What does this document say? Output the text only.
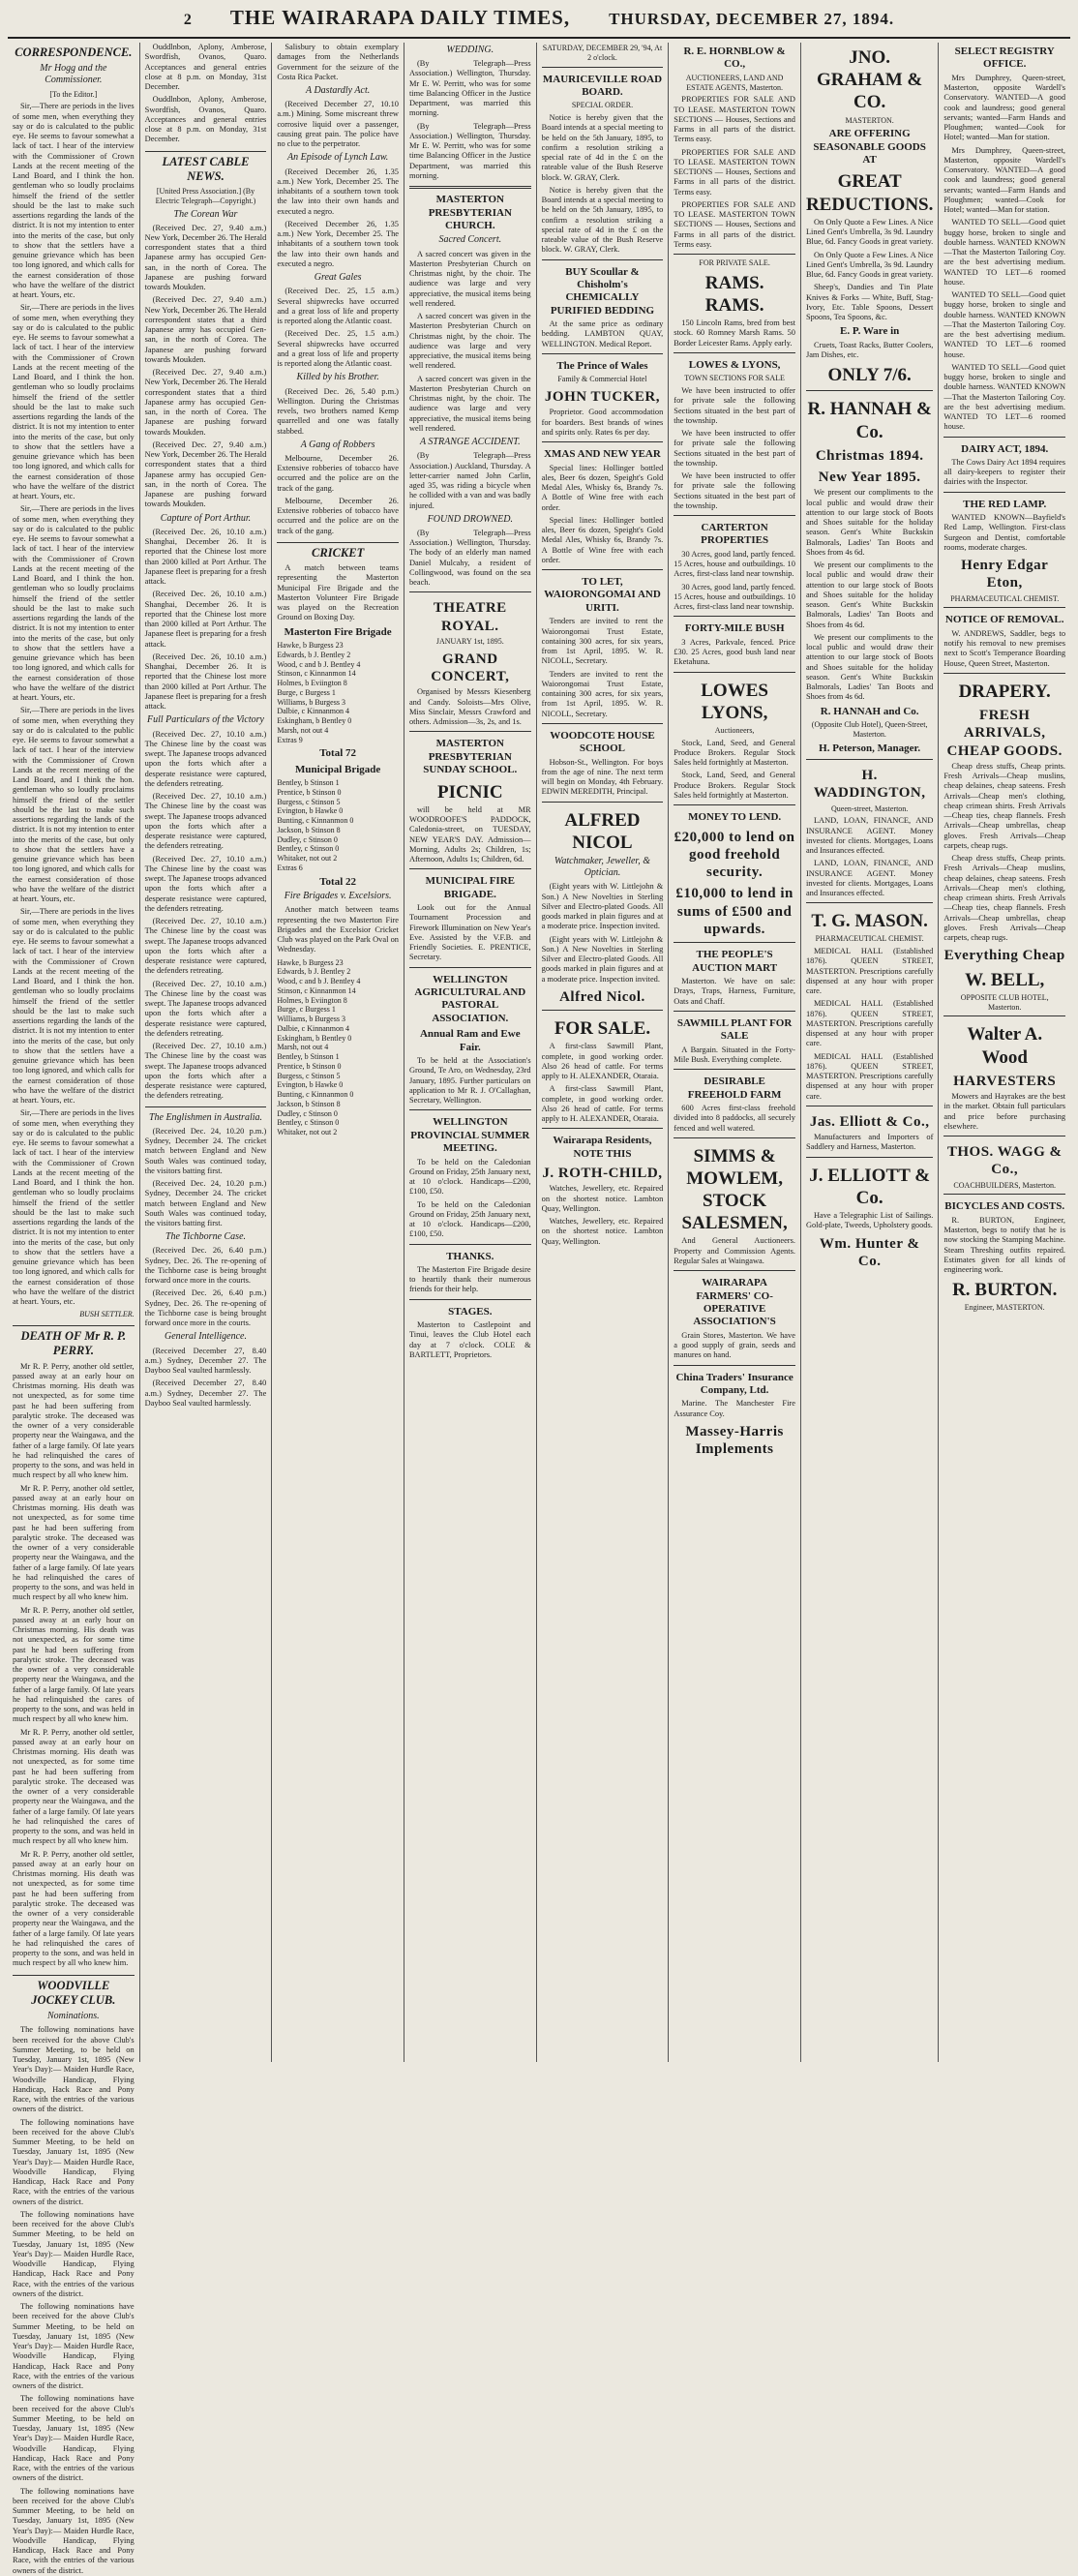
2 THE WAIRARAPA DAILY TIMES, THURSDAY, DECEMBER 27, 1894.
CORRESPONDENCE.
Mr Hogg and the Commissioner.
[To the Editor.]

Sir,—There are periods in the lives of some men, when everything they say or do is calculated to the public eye. He seems to favour somewhat a lack of tact. I hear of the interview with the Commissioner of Crown Lands at the recent meeting of the Land Board, and I think the hon. gentleman who so loudly proclaims himself the friend of the settler should be the last to make such assertions regarding the lands of the district. It is not my intention to enter into the merits of the case, but only to show that the settlers have a genuine grievance which has been too long ignored, and which calls for the earnest consideration of those who have the welfare of the district at heart. Yours, etc.

Sir,—There are periods in the lives of some men, when everything they say or do is calculated to the public eye. He seems to favour somewhat a lack of tact. I hear of the interview with the Commissioner of Crown Lands at the recent meeting of the Land Board, and I think the hon. gentleman who so loudly proclaims himself the friend of the settler should be the last to make such assertions regarding the lands of the district. It is not my intention to enter into the merits of the case, but only to show that the settlers have a genuine grievance which has been too long ignored, and which calls for the earnest consideration of those who have the welfare of the district at heart. Yours, etc.

Sir,—There are periods in the lives of some men, when everything they say or do is calculated to the public eye. He seems to favour somewhat a lack of tact. I hear of the interview with the Commissioner of Crown Lands at the recent meeting of the Land Board, and I think the hon. gentleman who so loudly proclaims himself the friend of the settler should be the last to make such assertions regarding the lands of the district. It is not my intention to enter into the merits of the case, but only to show that the settlers have a genuine grievance which has been too long ignored, and which calls for the earnest consideration of those who have the welfare of the district at heart. Yours, etc.

Sir,—There are periods in the lives of some men, when everything they say or do is calculated to the public eye. He seems to favour somewhat a lack of tact. I hear of the interview with the Commissioner of Crown Lands at the recent meeting of the Land Board, and I think the hon. gentleman who so loudly proclaims himself the friend of the settler should be the last to make such assertions regarding the lands of the district. It is not my intention to enter into the merits of the case, but only to show that the settlers have a genuine grievance which has been too long ignored, and which calls for the earnest consideration of those who have the welfare of the district at heart. Yours, etc.

Sir,—There are periods in the lives of some men, when everything they say or do is calculated to the public eye. He seems to favour somewhat a lack of tact. I hear of the interview with the Commissioner of Crown Lands at the recent meeting of the Land Board, and I think the hon. gentleman who so loudly proclaims himself the friend of the settler should be the last to make such assertions regarding the lands of the district. It is not my intention to enter into the merits of the case, but only to show that the settlers have a genuine grievance which has been too long ignored, and which calls for the earnest consideration of those who have the welfare of the district at heart. Yours, etc.

Sir,—There are periods in the lives of some men, when everything they say or do is calculated to the public eye. He seems to favour somewhat a lack of tact. I hear of the interview with the Commissioner of Crown Lands at the recent meeting of the Land Board, and I think the hon. gentleman who so loudly proclaims himself the friend of the settler should be the last to make such assertions regarding the lands of the district. It is not my intention to enter into the merits of the case, but only to show that the settlers have a genuine grievance which has been too long ignored, and which calls for the earnest consideration of those who have the welfare of the district at heart. Yours, etc.

BUSH SETTLER.
DEATH OF Mr R. P. PERRY.

Mr R. P. Perry, another old settler, passed away at an early hour on Christmas morning. His death was not unexpected, as for some time past he had been suffering from paralytic stroke. The deceased was the owner of a very considerable property near the Waingawa, and the father of a large family. Of late years he had relinquished the cares of property to the sons, and was held in much respect by all who knew him.

Mr R. P. Perry, another old settler, passed away at an early hour on Christmas morning. His death was not unexpected, as for some time past he had been suffering from paralytic stroke. The deceased was the owner of a very considerable property near the Waingawa, and the father of a large family. Of late years he had relinquished the cares of property to the sons, and was held in much respect by all who knew him.

Mr R. P. Perry, another old settler, passed away at an early hour on Christmas morning. His death was not unexpected, as for some time past he had been suffering from paralytic stroke. The deceased was the owner of a very considerable property near the Waingawa, and the father of a large family. Of late years he had relinquished the cares of property to the sons, and was held in much respect by all who knew him.

Mr R. P. Perry, another old settler, passed away at an early hour on Christmas morning. His death was not unexpected, as for some time past he had been suffering from paralytic stroke. The deceased was the owner of a very considerable property near the Waingawa, and the father of a large family. Of late years he had relinquished the cares of property to the sons, and was held in much respect by all who knew him.

Mr R. P. Perry, another old settler, passed away at an early hour on Christmas morning. His death was not unexpected, as for some time past he had been suffering from paralytic stroke. The deceased was the owner of a very considerable property near the Waingawa, and the father of a large family. Of late years he had relinquished the cares of property to the sons, and was held in much respect by all who knew him.

WOODVILLE JOCKEY CLUB.
Nominations.

The following nominations have been received for the above Club's Summer Meeting, to be held on Tuesday, January 1st, 1895 (New Year's Day):— Maiden Hurdle Race, Woodville Handicap, Flying Handicap, Hack Race and Pony Race, with the entries of the various owners of the district.

The following nominations have been received for the above Club's Summer Meeting, to be held on Tuesday, January 1st, 1895 (New Year's Day):— Maiden Hurdle Race, Woodville Handicap, Flying Handicap, Hack Race and Pony Race, with the entries of the various owners of the district.

The following nominations have been received for the above Club's Summer Meeting, to be held on Tuesday, January 1st, 1895 (New Year's Day):— Maiden Hurdle Race, Woodville Handicap, Flying Handicap, Hack Race and Pony Race, with the entries of the various owners of the district.

The following nominations have been received for the above Club's Summer Meeting, to be held on Tuesday, January 1st, 1895 (New Year's Day):— Maiden Hurdle Race, Woodville Handicap, Flying Handicap, Hack Race and Pony Race, with the entries of the various owners of the district.

The following nominations have been received for the above Club's Summer Meeting, to be held on Tuesday, January 1st, 1895 (New Year's Day):— Maiden Hurdle Race, Woodville Handicap, Flying Handicap, Hack Race and Pony Race, with the entries of the various owners of the district.

The following nominations have been received for the above Club's Summer Meeting, to be held on Tuesday, January 1st, 1895 (New Year's Day):— Maiden Hurdle Race, Woodville Handicap, Flying Handicap, Hack Race and Pony Race, with the entries of the various owners of the district.

Ouddlnbon, Aplony, Amberose, Swordfish, Ovanos, Quaro. Acceptances and general entries close at 8 p.m. on Monday, 31st December.

Ouddlnbon, Aplony, Amberose, Swordfish, Ovanos, Quaro. Acceptances and general entries close at 8 p.m. on Monday, 31st December.

LATEST CABLE NEWS.
[United Press Association.] (By Electric Telegraph—Copyright.)
The Corean War

(Received Dec. 27, 9.40 a.m.) New York, December 26. The Herald correspondent states that a third Japanese army has occupied Gen-san, in the north of Corea. The Japanese are pushing forward towards Moukden.

(Received Dec. 27, 9.40 a.m.) New York, December 26. The Herald correspondent states that a third Japanese army has occupied Gen-san, in the north of Corea. The Japanese are pushing forward towards Moukden.

(Received Dec. 27, 9.40 a.m.) New York, December 26. The Herald correspondent states that a third Japanese army has occupied Gen-san, in the north of Corea. The Japanese are pushing forward towards Moukden.

(Received Dec. 27, 9.40 a.m.) New York, December 26. The Herald correspondent states that a third Japanese army has occupied Gen-san, in the north of Corea. The Japanese are pushing forward towards Moukden.

Capture of Port Arthur.

(Received Dec. 26, 10.10 a.m.) Shanghai, December 26. It is reported that the Chinese lost more than 2000 killed at Port Arthur. The Japanese fleet is preparing for a fresh attack.

(Received Dec. 26, 10.10 a.m.) Shanghai, December 26. It is reported that the Chinese lost more than 2000 killed at Port Arthur. The Japanese fleet is preparing for a fresh attack.

(Received Dec. 26, 10.10 a.m.) Shanghai, December 26. It is reported that the Chinese lost more than 2000 killed at Port Arthur. The Japanese fleet is preparing for a fresh attack.

Full Particulars of the Victory

(Received Dec. 27, 10.10 a.m.) The Chinese line by the coast was swept. The Japanese troops advanced upon the forts which after a desperate resistance were captured, the defenders retreating.

(Received Dec. 27, 10.10 a.m.) The Chinese line by the coast was swept. The Japanese troops advanced upon the forts which after a desperate resistance were captured, the defenders retreating.

(Received Dec. 27, 10.10 a.m.) The Chinese line by the coast was swept. The Japanese troops advanced upon the forts which after a desperate resistance were captured, the defenders retreating.

(Received Dec. 27, 10.10 a.m.) The Chinese line by the coast was swept. The Japanese troops advanced upon the forts which after a desperate resistance were captured, the defenders retreating.

(Received Dec. 27, 10.10 a.m.) The Chinese line by the coast was swept. The Japanese troops advanced upon the forts which after a desperate resistance were captured, the defenders retreating.

(Received Dec. 27, 10.10 a.m.) The Chinese line by the coast was swept. The Japanese troops advanced upon the forts which after a desperate resistance were captured, the defenders retreating.

The Englishmen in Australia.

(Received Dec. 24, 10.20 p.m.) Sydney, December 24. The cricket match between England and New South Wales was continued today, the visitors batting first.

(Received Dec. 24, 10.20 p.m.) Sydney, December 24. The cricket match between England and New South Wales was continued today, the visitors batting first.

The Tichborne Case.

(Received Dec. 26, 6.40 p.m.) Sydney, Dec. 26. The re-opening of the Tichborne case is being brought forward once more in the courts.

(Received Dec. 26, 6.40 p.m.) Sydney, Dec. 26. The re-opening of the Tichborne case is being brought forward once more in the courts.

General Intelligence.

(Received December 27, 8.40 a.m.) Sydney, December 27. The Dayboo Seal vaulted harmlessly.

(Received December 27, 8.40 a.m.) Sydney, December 27. The Dayboo Seal vaulted harmlessly.

Salisbury to obtain exemplary damages from the Netherlands Government for the seizure of the Costa Rica Packet.

A Dastardly Act.

(Received December 27, 10.10 a.m.) Mining. Some miscreant threw corrosive liquid over a passenger, causing great pain. The police have no clue to the perpetrator.

An Episode of Lynch Law.

(Received December 26, 1.35 a.m.) New York, December 25. The inhabitants of a southern town took the law into their own hands and executed a negro.

(Received December 26, 1.35 a.m.) New York, December 25. The inhabitants of a southern town took the law into their own hands and executed a negro.

Great Gales

(Received Dec. 25, 1.5 a.m.) Several shipwrecks have occurred and a great loss of life and property is reported along the Atlantic coast.

(Received Dec. 25, 1.5 a.m.) Several shipwrecks have occurred and a great loss of life and property is reported along the Atlantic coast.

Killed by his Brother.

(Received Dec. 26, 5.40 p.m.) Wellington. During the Christmas revels, two brothers named Kemp quarrelled and one was fatally stabbed.

A Gang of Robbers

Melbourne, December 26. Extensive robberies of tobacco have occurred and the police are on the track of the gang.

Melbourne, December 26. Extensive robberies of tobacco have occurred and the police are on the track of the gang.

CRICKET

A match between teams representing the Masterton Municipal Fire Brigade and the Masterton Volunteer Fire Brigade was played on the Recreation Ground on Boxing Day.

Masterton Fire Brigade
Hawke, b Burgess 23
Edwards, b J. Bentley 2
Wood, c and b J. Bentley 4
Stinson, c Kinnanmon 14
Holmes, b Eviington 8
Burge, c Burgess 1
Williams, b Burgess 3
Dalbie, c Kinnanmon 4
Eskingham, b Bentley 0
Marsh, not out 4
Extras 9
Total 72
Municipal Brigade
Bentley, b Stinson 1
Prentice, b Stinson 0
Burgess, c Stinson 5
Evington, b Hawke 0
Bunting, c Kinnanmon 0
Jackson, b Stinson 8
Dudley, c Stinson 0
Bentley, c Stinson 0
Whitaker, not out 2
Extras 6
Total 22
Fire Brigades v. Excelsiors.

Another match between teams representing the two Masterton Fire Brigades and the Excelsior Cricket Club was played on the Park Oval on Wednesday.

Hawke, b Burgess 23
Edwards, b J. Bentley 2
Wood, c and b J. Bentley 4
Stinson, c Kinnanmon 14
Holmes, b Eviington 8
Burge, c Burgess 1
Williams, b Burgess 3
Dalbie, c Kinnanmon 4
Eskingham, b Bentley 0
Marsh, not out 4
Bentley, b Stinson 1
Prentice, b Stinson 0
Burgess, c Stinson 5
Evington, b Hawke 0
Bunting, c Kinnanmon 0
Jackson, b Stinson 8
Dudley, c Stinson 0
Bentley, c Stinson 0
Whitaker, not out 2
WEDDING.

(By Telegraph—Press Association.) Wellington, Thursday. Mr E. W. Perritt, who was for some time Balancing Officer in the Justice Department, was married this morning.

(By Telegraph—Press Association.) Wellington, Thursday. Mr E. W. Perritt, who was for some time Balancing Officer in the Justice Department, was married this morning.

MASTERTON PRESBYTERIAN CHURCH.
Sacred Concert.

A sacred concert was given in the Masterton Presbyterian Church on Christmas night, by the choir. The audience was large and very appreciative, the musical items being well rendered.

A sacred concert was given in the Masterton Presbyterian Church on Christmas night, by the choir. The audience was large and very appreciative, the musical items being well rendered.

A sacred concert was given in the Masterton Presbyterian Church on Christmas night, by the choir. The audience was large and very appreciative, the musical items being well rendered.

A STRANGE ACCIDENT.

(By Telegraph—Press Association.) Auckland, Thursday. A letter-carrier named John Carlin, aged 35, was riding a bicycle when he collided with a van and was badly injured.

FOUND DROWNED.

(By Telegraph—Press Association.) Wellington, Thursday. The body of an elderly man named Daniel Mulcahy, a resident of Collingwood, was found on the sea beach.

THEATRE ROYAL.
JANUARY 1st, 1895.
GRAND CONCERT,

Organised by Messrs Kiesenberg and Candy. Soloists—Mrs Olive, Miss Sinclair, Messrs Crawford and others. Admission—3s, 2s, and 1s.

MASTERTON PRESBYTERIAN SUNDAY SCHOOL.
PICNIC

will be held at MR WOODROOFE'S PADDOCK, Caledonia-street, on TUESDAY, NEW YEAR'S DAY. Admission—Morning, Adults 2s; Children, 1s; Afternoon, Adults 1s; Children, 6d.

MUNICIPAL FIRE BRIGADE.

Look out for the Annual Tournament Procession and Firework Illumination on New Year's Eve. Assisted by the V.F.B. and Friendly Societies. E. PRENTICE, Secretary.

WELLINGTON AGRICULTURAL AND PASTORAL ASSOCIATION.
Annual Ram and Ewe Fair.

To be held at the Association's Ground, Te Aro, on Wednesday, 23rd January, 1895. Further particulars on application to Mr R. J. O'Callaghan, Secretary, Wellington.

WELLINGTON PROVINCIAL SUMMER MEETING.

To be held on the Caledonian Ground on Friday, 25th January next, at 10 o'clock. Handicaps—£200, £100, £50.

To be held on the Caledonian Ground on Friday, 25th January next, at 10 o'clock. Handicaps—£200, £100, £50.

THANKS.

The Masterton Fire Brigade desire to heartily thank their numerous friends for their help.

STAGES.

Masterton to Castlepoint and Tinui, leaves the Club Hotel each day at 7 o'clock. COLE & BARTLETT, Proprietors.

SATURDAY, DECEMBER 29, '94, At 2 o'clock.
MAURICEVILLE ROAD BOARD.
SPECIAL ORDER.

Notice is hereby given that the Board intends at a special meeting to be held on the 5th January, 1895, to confirm a resolution striking a special rate of 4d in the £ on the rateable value of the Bush Reserve block. W. GRAY, Clerk.

Notice is hereby given that the Board intends at a special meeting to be held on the 5th January, 1895, to confirm a resolution striking a special rate of 4d in the £ on the rateable value of the Bush Reserve block. W. GRAY, Clerk.

BUY Scoullar & Chisholm's CHEMICALLY PURIFIED BEDDING

At the same price as ordinary bedding. LAMBTON QUAY, WELLINGTON. Medical Report.

The Prince of Wales
Family & Commercial Hotel
JOHN TUCKER,

Proprietor. Good accommodation for boarders. Best brands of wines and spirits only. Rates 6s per day.

XMAS AND NEW YEAR

Special lines: Hollinger bottled ales, Beer 6s dozen, Speight's Gold Medal Ales, Whisky 6s, Brandy 7s. A Bottle of Wine free with each order.

Special lines: Hollinger bottled ales, Beer 6s dozen, Speight's Gold Medal Ales, Whisky 6s, Brandy 7s. A Bottle of Wine free with each order.

TO LET, WAIORONGOMAI AND URITI.

Tenders are invited to rent the Waiorongomai Trust Estate, containing 300 acres, for six years, from 1st April, 1895. W. R. NICOLL, Secretary.

Tenders are invited to rent the Waiorongomai Trust Estate, containing 300 acres, for six years, from 1st April, 1895. W. R. NICOLL, Secretary.

WOODCOTE HOUSE SCHOOL

Hobson-St., Wellington. For boys from the age of nine. The next term will begin on Monday, 4th February. EDWIN MEREDITH, Principal.

ALFRED NICOL
Watchmaker, Jeweller, & Optician.

(Eight years with W. Littlejohn & Son.) A New Novelties in Sterling Silver and Electro-plated Goods. All goods marked in plain figures and at a moderate price. Inspection invited.

(Eight years with W. Littlejohn & Son.) A New Novelties in Sterling Silver and Electro-plated Goods. All goods marked in plain figures and at a moderate price. Inspection invited.

Alfred Nicol.
FOR SALE.

A first-class Sawmill Plant, complete, in good working order. Also 26 head of cattle. For terms apply to H. ALEXANDER, Otaraia.

A first-class Sawmill Plant, complete, in good working order. Also 26 head of cattle. For terms apply to H. ALEXANDER, Otaraia.

Wairarapa Residents, NOTE THIS
J. ROTH-CHILD,

Watches, Jewellery, etc. Repaired on the shortest notice. Lambton Quay, Wellington.

Watches, Jewellery, etc. Repaired on the shortest notice. Lambton Quay, Wellington.

R. E. HORNBLOW & CO.,
AUCTIONEERS, LAND AND ESTATE AGENTS, Masterton.

PROPERTIES FOR SALE AND TO LEASE. MASTERTON TOWN SECTIONS — Houses, Sections and Farms in all parts of the district. Terms easy.

PROPERTIES FOR SALE AND TO LEASE. MASTERTON TOWN SECTIONS — Houses, Sections and Farms in all parts of the district. Terms easy.

PROPERTIES FOR SALE AND TO LEASE. MASTERTON TOWN SECTIONS — Houses, Sections and Farms in all parts of the district. Terms easy.

FOR PRIVATE SALE.
RAMS. RAMS.

150 Lincoln Rams, bred from best stock. 60 Romney Marsh Rams. 50 Border Leicester Rams. Apply early.

LOWES & LYONS,
TOWN SECTIONS FOR SALE

We have been instructed to offer for private sale the following Sections situated in the best part of the township.

We have been instructed to offer for private sale the following Sections situated in the best part of the township.

We have been instructed to offer for private sale the following Sections situated in the best part of the township.

CARTERTON PROPERTIES

30 Acres, good land, partly fenced. 15 Acres, house and outbuildings. 10 Acres, first-class land near township.

30 Acres, good land, partly fenced. 15 Acres, house and outbuildings. 10 Acres, first-class land near township.

FORTY-MILE BUSH

3 Acres, Parkvale, fenced. Price £30. 25 Acres, good bush land near Eketahuna.

LOWES LYONS,
Auctioneers,

Stock, Land, Seed, and General Produce Brokers. Regular Stock Sales held fortnightly at Masterton.

Stock, Land, Seed, and General Produce Brokers. Regular Stock Sales held fortnightly at Masterton.

MONEY TO LEND.
£20,000 to lend on good freehold security.
£10,000 to lend in sums of £500 and upwards.
THE PEOPLE'S AUCTION MART

Masterton. We have on sale: Drays, Traps, Harness, Furniture, Oats and Chaff.

SAWMILL PLANT FOR SALE

A Bargain. Situated in the Forty-Mile Bush. Everything complete.

DESIRABLE FREEHOLD FARM

600 Acres first-class freehold divided into 8 paddocks, all securely fenced and well watered.

SIMMS & MOWLEM, STOCK SALESMEN,

And General Auctioneers. Property and Commission Agents. Regular Sales at Waingawa.

WAIRARAPA FARMERS' CO-OPERATIVE ASSOCIATION'S

Grain Stores, Masterton. We have a good supply of grain, seeds and manures on hand.

China Traders' Insurance Company, Ltd.

Marine. The Manchester Fire Assurance Coy.

Massey-Harris Implements
JNO. GRAHAM & CO.
MASTERTON.
ARE OFFERING SEASONABLE GOODS AT
GREAT REDUCTIONS.

On Only Quote a Few Lines. A Nice Lined Gent's Umbrella, 3s 9d. Laundry Blue, 6d. Fancy Goods in great variety.

On Only Quote a Few Lines. A Nice Lined Gent's Umbrella, 3s 9d. Laundry Blue, 6d. Fancy Goods in great variety.

Sheep's, Dandies and Tin Plate Knives & Forks — White, Buff, Stag-Ivory, Etc. Table Spoons, Dessert Spoons, Tea Spoons, &c.

E. P. Ware in

Cruets, Toast Racks, Butter Coolers, Jam Dishes, etc.

ONLY 7/6.
R. HANNAH & Co.
Christmas 1894.
New Year 1895.

We present our compliments to the local public and would draw their attention to our large stock of Boots and Shoes suitable for the holiday season. Gent's White Buckskin Balmorals, Ladies' Tan Boots and Shoes from 4s 6d.

We present our compliments to the local public and would draw their attention to our large stock of Boots and Shoes suitable for the holiday season. Gent's White Buckskin Balmorals, Ladies' Tan Boots and Shoes from 4s 6d.

We present our compliments to the local public and would draw their attention to our large stock of Boots and Shoes suitable for the holiday season. Gent's White Buckskin Balmorals, Ladies' Tan Boots and Shoes from 4s 6d.

R. HANNAH and Co.
(Opposite Club Hotel), Queen-Street, Masterton.
H. Peterson, Manager.
H. WADDINGTON,
Queen-street, Masterton.

LAND, LOAN, FINANCE, AND INSURANCE AGENT. Money invested for clients. Mortgages, Loans and Insurances effected.

LAND, LOAN, FINANCE, AND INSURANCE AGENT. Money invested for clients. Mortgages, Loans and Insurances effected.

T. G. MASON.
PHARMACEUTICAL CHEMIST.

MEDICAL HALL (Established 1876). QUEEN STREET, MASTERTON. Prescriptions carefully dispensed at any hour with proper care.

MEDICAL HALL (Established 1876). QUEEN STREET, MASTERTON. Prescriptions carefully dispensed at any hour with proper care.

MEDICAL HALL (Established 1876). QUEEN STREET, MASTERTON. Prescriptions carefully dispensed at any hour with proper care.

Jas. Elliott & Co.,

Manufacturers and Importers of Saddlery and Harness, Masterton.

J. ELLIOTT & Co.

Have a Telegraphic List of Sailings. Gold-plate, Tweeds, Upholstery goods.

Wm. Hunter & Co.
SELECT REGISTRY OFFICE.

Mrs Dumphrey, Queen-street, Masterton, opposite Wardell's Conservatory. WANTED—A good cook and laundress; good general servants; wanted—Farm Hands and Ploughmen; wanted—Cook for Hotel; wanted—Man for station.

Mrs Dumphrey, Queen-street, Masterton, opposite Wardell's Conservatory. WANTED—A good cook and laundress; good general servants; wanted—Farm Hands and Ploughmen; wanted—Cook for Hotel; wanted—Man for station.

WANTED TO SELL—Good quiet buggy horse, broken to single and double harness. WANTED KNOWN—That the Masterton Tailoring Coy. are the best advertising medium. WANTED TO LET—6 roomed house.

WANTED TO SELL—Good quiet buggy horse, broken to single and double harness. WANTED KNOWN—That the Masterton Tailoring Coy. are the best advertising medium. WANTED TO LET—6 roomed house.

WANTED TO SELL—Good quiet buggy horse, broken to single and double harness. WANTED KNOWN—That the Masterton Tailoring Coy. are the best advertising medium. WANTED TO LET—6 roomed house.

DAIRY ACT, 1894.

The Cows Dairy Act 1894 requires all dairy-keepers to register their dairies with the Inspector.

THE RED LAMP.

WANTED KNOWN—Bayfield's Red Lamp, Wellington. First-class Surgeon and Dentist, comfortable rooms, moderate charges.

Henry Edgar Eton,
PHARMACEUTICAL CHEMIST.
NOTICE OF REMOVAL.

W. ANDREWS, Saddler, begs to notify his removal to new premises next to Scott's Temperance Boarding House, Queen Street, Masterton.

DRAPERY.
FRESH ARRIVALS, CHEAP GOODS.

Cheap dress stuffs, Cheap prints. Fresh Arrivals—Cheap muslins, cheap delaines, cheap sateens. Fresh Arrivals—Cheap men's clothing, cheap crimean shirts. Fresh Arrivals—Cheap ties, cheap flannels. Fresh Arrivals—Cheap umbrellas, cheap gloves. Fresh Arrivals—Cheap carpets, cheap rugs.

Cheap dress stuffs, Cheap prints. Fresh Arrivals—Cheap muslins, cheap delaines, cheap sateens. Fresh Arrivals—Cheap men's clothing, cheap crimean shirts. Fresh Arrivals—Cheap ties, cheap flannels. Fresh Arrivals—Cheap umbrellas, cheap gloves. Fresh Arrivals—Cheap carpets, cheap rugs.

Everything Cheap
W. BELL,
OPPOSITE CLUB HOTEL, Masterton.
Walter A. Wood
HARVESTERS

Mowers and Hayrakes are the best in the market. Obtain full particulars and price before purchasing elsewhere.

THOS. WAGG & Co.,
COACHBUILDERS, Masterton.
BICYCLES AND COSTS.

R. BURTON, Engineer, Masterton, begs to notify that he is now stocking the Stamping Machine. Steam Threshing outfits repaired. Estimates given for all kinds of engineering work.

R. BURTON.
Engineer, MASTERTON.
